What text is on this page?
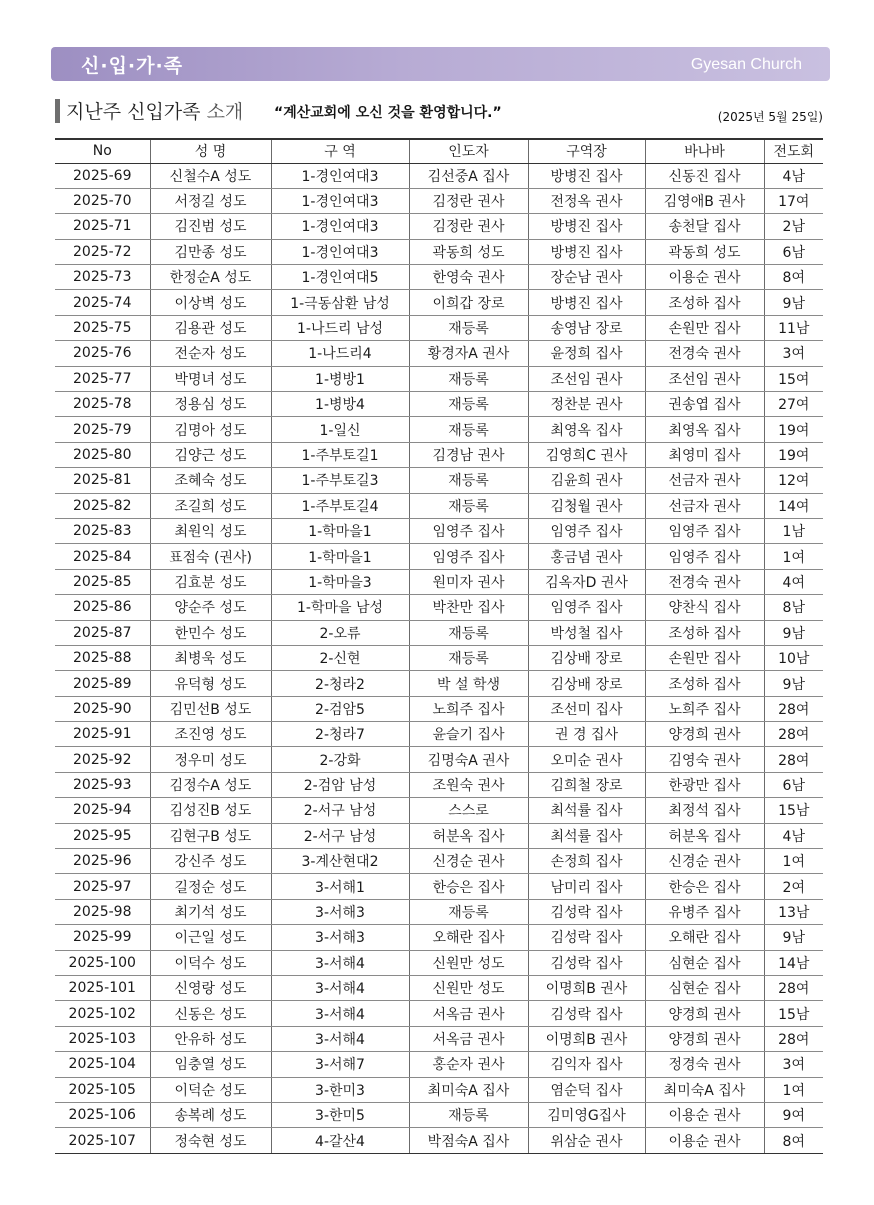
신·입·가·족	Gyesan Church
지난주 신입가족 소개 “계산교회에 오신 것을 환영합니다.”	(2025년 5월 25일)
No	성 명	구 역	인도자	구역장	바나바	전도회
2025-69	신철수A 성도	1-경인여대3	김선중A 집사	방병진 집사	신동진 집사	4남
2025-70	서정길 성도	1-경인여대3	김정란 권사	전정옥 권사	김영애B 권사	17여
2025-71	김진범 성도	1-경인여대3	김정란 권사	방병진 집사	송천달 집사	2남
2025-72	김만종 성도	1-경인여대3	곽동희 성도	방병진 집사	곽동희 성도	6남
2025-73	한정순A 성도	1-경인여대5	한영숙 권사	장순남 권사	이용순 권사	8여
2025-74	이상벽 성도	1-극동삼환 남성	이희갑 장로	방병진 집사	조성하 집사	9남
2025-75	김용관 성도	1-나드리 남성	재등록	송영남 장로	손원만 집사	11남
2025-76	전순자 성도	1-나드리4	황경자A 권사	윤정희 집사	전경숙 권사	3여
2025-77	박명녀 성도	1-병방1	재등록	조선임 권사	조선임 권사	15여
2025-78	정용심 성도	1-병방4	재등록	정찬분 권사	권송엽 집사	27여
2025-79	김명아 성도	1-일신	재등록	최영옥 집사	최영옥 집사	19여
2025-80	김양근 성도	1-주부토길1	김경남 권사	김영희C 권사	최영미 집사	19여
2025-81	조혜숙 성도	1-주부토길3	재등록	김윤희 권사	선금자 권사	12여
2025-82	조길희 성도	1-주부토길4	재등록	김청월 권사	선금자 권사	14여
2025-83	최원익 성도	1-학마을1	임영주 집사	임영주 집사	임영주 집사	1남
2025-84	표점숙 (권사)	1-학마을1	임영주 집사	홍금념 권사	임영주 집사	1여
2025-85	김효분 성도	1-학마을3	원미자 권사	김옥자D 권사	전경숙 권사	4여
2025-86	양순주 성도	1-학마을 남성	박찬만 집사	임영주 집사	양찬식 집사	8남
2025-87	한민수 성도	2-오류	재등록	박성철 집사	조성하 집사	9남
2025-88	최병욱 성도	2-신현	재등록	김상배 장로	손원만 집사	10남
2025-89	유덕형 성도	2-청라2	박 설 학생	김상배 장로	조성하 집사	9남
2025-90	김민선B 성도	2-검암5	노희주 집사	조선미 집사	노희주 집사	28여
2025-91	조진영 성도	2-청라7	윤슬기 집사	권 경 집사	양경희 권사	28여
2025-92	정우미 성도	2-강화	김명숙A 권사	오미순 권사	김영숙 권사	28여
2025-93	김정수A 성도	2-검암 남성	조원숙 권사	김희철 장로	한광만 집사	6남
2025-94	김성진B 성도	2-서구 남성	스스로	최석률 집사	최정석 집사	15남
2025-95	김현구B 성도	2-서구 남성	허분옥 집사	최석률 집사	허분옥 집사	4남
2025-96	강신주 성도	3-계산현대2	신경순 권사	손정희 집사	신경순 권사	1여
2025-97	길정순 성도	3-서해1	한승은 집사	남미리 집사	한승은 집사	2여
2025-98	최기석 성도	3-서해3	재등록	김성락 집사	유병주 집사	13남
2025-99	이근일 성도	3-서해3	오해란 집사	김성락 집사	오해란 집사	9남
2025-100	이덕수 성도	3-서해4	신원만 성도	김성락 집사	심현순 집사	14남
2025-101	신영랑 성도	3-서해4	신원만 성도	이명희B 권사	심현순 집사	28여
2025-102	신동은 성도	3-서해4	서옥금 권사	김성락 집사	양경희 권사	15남
2025-103	안유하 성도	3-서해4	서옥금 권사	이명희B 권사	양경희 권사	28여
2025-104	임충열 성도	3-서해7	홍순자 권사	김익자 집사	정경숙 권사	3여
2025-105	이덕순 성도	3-한미3	최미숙A 집사	염순덕 집사	최미숙A 집사	1여
2025-106	송복례 성도	3-한미5	재등록	김미영G집사	이용순 권사	9여
2025-107	정숙현 성도	4-갈산4	박점숙A 집사	위삼순 권사	이용순 권사	8여
